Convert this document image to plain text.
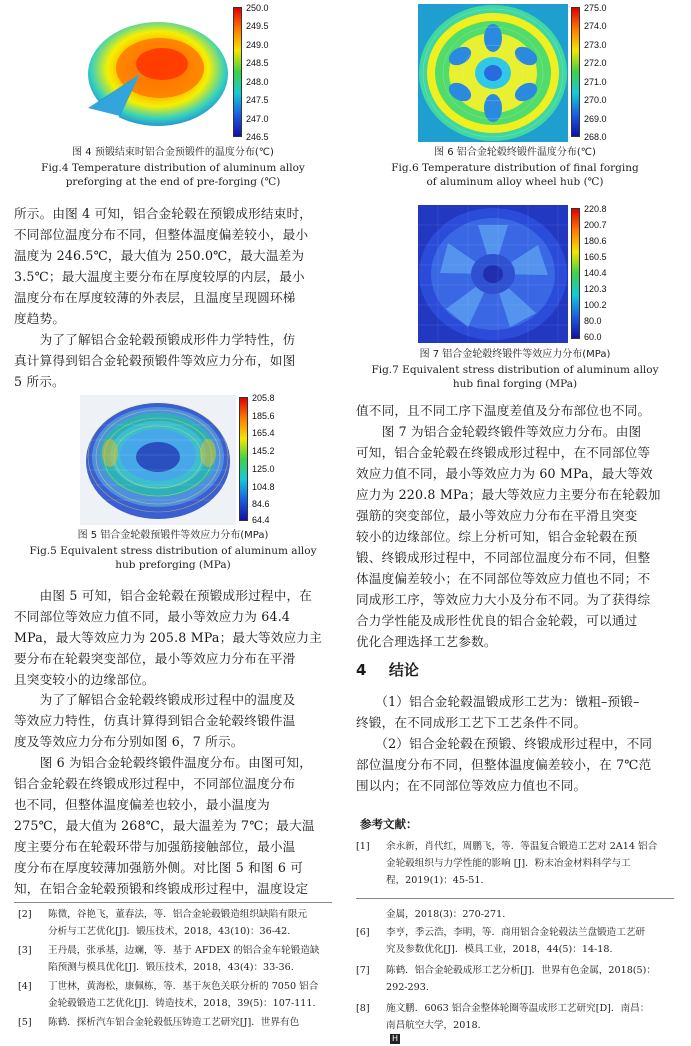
250.0
249.5
249.0
248.5
248.0
247.5
247.0
246.5
图 4 预锻结束时铝合金预锻件的温度分布(℃)
Fig.4 Temperature distribution of aluminum alloy
preforging at the end of pre-forging (℃)
所示。由图 4 可知，铝合金轮毂在预锻成形结束时，
不同部位温度分布不同，但整体温度偏差较小，最小
温度为 246.5℃，最大值为 250.0℃，最大温差为
3.5℃；最大温度主要分布在厚度较厚的内层，最小
温度分布在厚度较薄的外表层，且温度呈现圆环梯
度趋势。
　　为了了解铝合金轮毂预锻成形件力学特性，仿
真计算得到铝合金轮毂预锻件等效应力分布，如图
5 所示。
205.8
185.6
165.4
145.2
125.0
104.8
84.6
64.4
图 5 铝合金轮毂预锻件等效应力分布(MPa)
Fig.5 Equivalent stress distribution of aluminum alloy
hub preforging (MPa)
　　由图 5 可知，铝合金轮毂在预锻成形过程中，在
不同部位等效应力值不同，最小等效应力为 64.4
MPa，最大等效应力为 205.8 MPa；最大等效应力主
要分布在轮毂突变部位，最小等效应力分布在平滑
且突变较小的边缘部位。
　　为了了解铝合金轮毂终锻成形过程中的温度及
等效应力特性，仿真计算得到铝合金轮毂终锻件温
度及等效应力分布分别如图 6，7 所示。
　　图 6 为铝合金轮毂终锻件温度分布。由图可知，
铝合金轮毂在终锻成形过程中，不同部位温度分布
也不同，但整体温度偏差也较小，最小温度为
275℃，最大值为 268℃，最大温差为 7℃；最大温
度主要分布在轮毂环带与加强筋接触部位，最小温
度分布在厚度较薄加强筋外侧。对比图 5 和图 6 可
知，在铝合金轮毂预锻和终锻成形过程中，温度设定
[2] 陈微，谷艳飞，董春法，等．铝合金轮毂锻造组织缺陷有限元
分析与工艺优化[J]．锻压技术，2018，43(10)：36-42.
[3] 王丹晨，张承基，边斓，等．基于 AFDEX 的铝合金车轮锻造缺
陷预测与模具优化[J]．锻压技术，2018，43(4)：33-36.
[4] 丁世林，黄海松，康佩栋，等．基于灰色关联分析的 7050 铝合
金轮毂锻造工艺优化[J]．铸造技术，2018，39(5)：107-111.
[5] 陈鹤．探析汽车铝合金轮毂低压铸造工艺研究[J]．世界有色
275.0
274.0
273.0
272.0
271.0
270.0
269.0
268.0
图 6 铝合金轮毂终锻件温度分布(℃)
Fig.6 Temperature distribution of final forging
of aluminum alloy wheel hub (℃)
220.8
200.7
180.6
160.5
140.4
120.3
100.2
80.0
60.0
图 7 铝合金轮毂终锻件等效应力分布(MPa)
Fig.7 Equivalent stress distribution of aluminum alloy
hub final forging (MPa)
值不同，且不同工序下温度差值及分布部位也不同。
　　图 7 为铝合金轮毂终锻件等效应力分布。由图
可知，铝合金轮毂在终锻成形过程中，在不同部位等
效应力值不同，最小等效应力为 60 MPa，最大等效
应力为 220.8 MPa；最大等效应力主要分布在轮毂加
强筋的突变部位，最小等效应力分布在平滑且突变
较小的边缘部位。综上分析可知，铝合金轮毂在预
锻、终锻成形过程中，不同部位温度分布不同，但整
体温度偏差较小；在不同部位等效应力值也不同；不
同成形工序，等效应力大小及分布不同。为了获得综
合力学性能及成形性优良的铝合金轮毂，可以通过
优化合理选择工艺参数。
4 结论
　　（1）铝合金轮毂温锻成形工艺为：镦粗–预锻–
终锻，在不同成形工艺下工艺条件不同。
　　（2）铝合金轮毂在预锻、终锻成形过程中，不同
部位温度分布不同，但整体温度偏差较小，在 7℃范
围以内；在不同部位等效应力值也不同。
参考文献：
[1] 余永新，肖代红，周鹏飞，等．等温复合锻造工艺对 2A14 铝合
金轮毂组织与力学性能的影响 [J]．粉末冶金材料科学与工
程，2019(1)：45-51.
金属，2018(3)：270-271.
[6] 李亨，季云浩，李明，等．商用铝合金轮毂法兰盘锻造工艺研
究及参数优化[J]．模具工业，2018，44(5)：14-18.
[7] 陈鹤．铝合金轮毂成形工艺分析[J]．世界有色金属，2018(5)：
292-293.
[8] 施文鹏．6063 铝合金整体轮圈等温成形工艺研究[D]．南昌：
南昌航空大学，2018．
H
